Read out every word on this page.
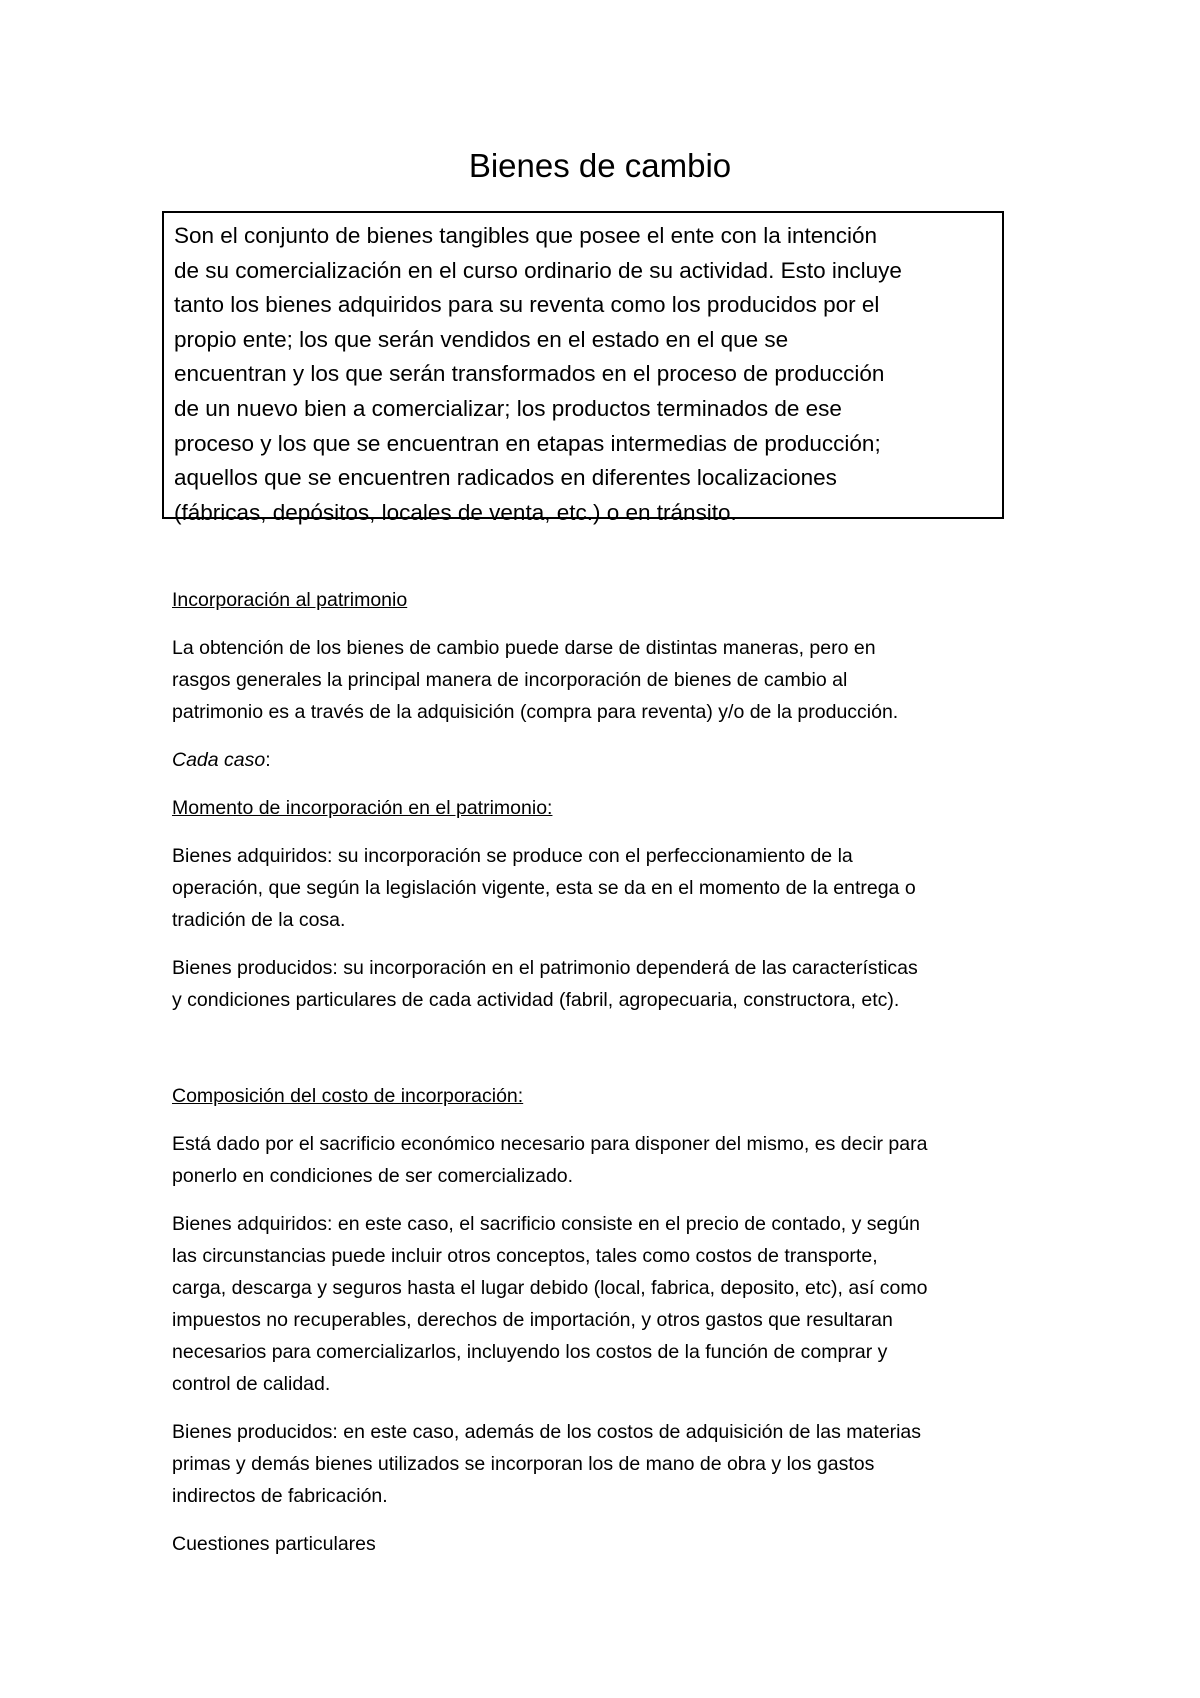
Bienes de cambio
Son el conjunto de bienes tangibles que posee el ente con la intención
de su comercialización en el curso ordinario de su actividad. Esto incluye
tanto los bienes adquiridos para su reventa como los producidos por el
propio ente; los que serán vendidos en el estado en el que se
encuentran y los que serán transformados en el proceso de producción
de un nuevo bien a comercializar; los productos terminados de ese
proceso y los que se encuentran en etapas intermedias de producción;
aquellos que se encuentren radicados en diferentes localizaciones
(fábricas, depósitos, locales de venta, etc.) o en tránsito.
Incorporación al patrimonio
La obtención de los bienes de cambio puede darse de distintas maneras, pero en
rasgos generales la principal manera de incorporación de bienes de cambio al
patrimonio es a través de la adquisición (compra para reventa) y/o de la producción.
Cada caso:
Momento de incorporación en el patrimonio:
Bienes adquiridos: su incorporación se produce con el perfeccionamiento de la
operación, que según la legislación vigente, esta se da en el momento de la entrega o
tradición de la cosa.
Bienes producidos: su incorporación en el patrimonio dependerá de las características
y condiciones particulares de cada actividad (fabril, agropecuaria, constructora, etc).
Composición del costo de incorporación:
Está dado por el sacrificio económico necesario para disponer del mismo, es decir para
ponerlo en condiciones de ser comercializado.
Bienes adquiridos: en este caso, el sacrificio consiste en el precio de contado, y según
las circunstancias puede incluir otros conceptos, tales como costos de transporte,
carga, descarga y seguros hasta el lugar debido (local, fabrica, deposito, etc), así como
impuestos no recuperables, derechos de importación, y otros gastos que resultaran
necesarios para comercializarlos, incluyendo los costos de la función de comprar y
control de calidad.
Bienes producidos: en este caso, además de los costos de adquisición de las materias
primas y demás bienes utilizados se incorporan los de mano de obra y los gastos
indirectos de fabricación.
Cuestiones particulares
